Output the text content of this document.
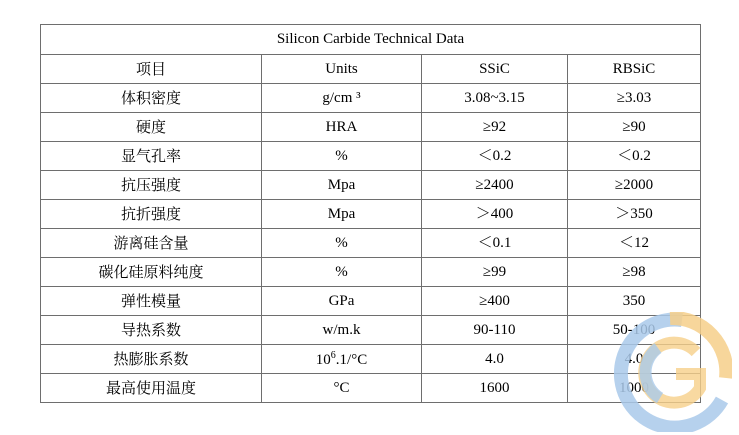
Silicon Carbide Technical Data			
项目	Units	SSiC	RBSiC
体积密度	g/cm ³	3.08~3.15	≥3.03
硬度	HRA	≥92	≥90
显气孔率	%	＜0.2	＜0.2
抗压强度	Mpa	≥2400	≥2000
抗折强度	Mpa	＞400	＞350
游离硅含量	%	＜0.1	＜12
碳化硅原料纯度	%	≥99	≥98
弹性模量	GPa	≥400	350
导热系数	w/m.k	90-110	50-100
热膨胀系数	$10^6.1/^\circ C$	4.0	4.0
最高使用温度	°C	1600	1000
